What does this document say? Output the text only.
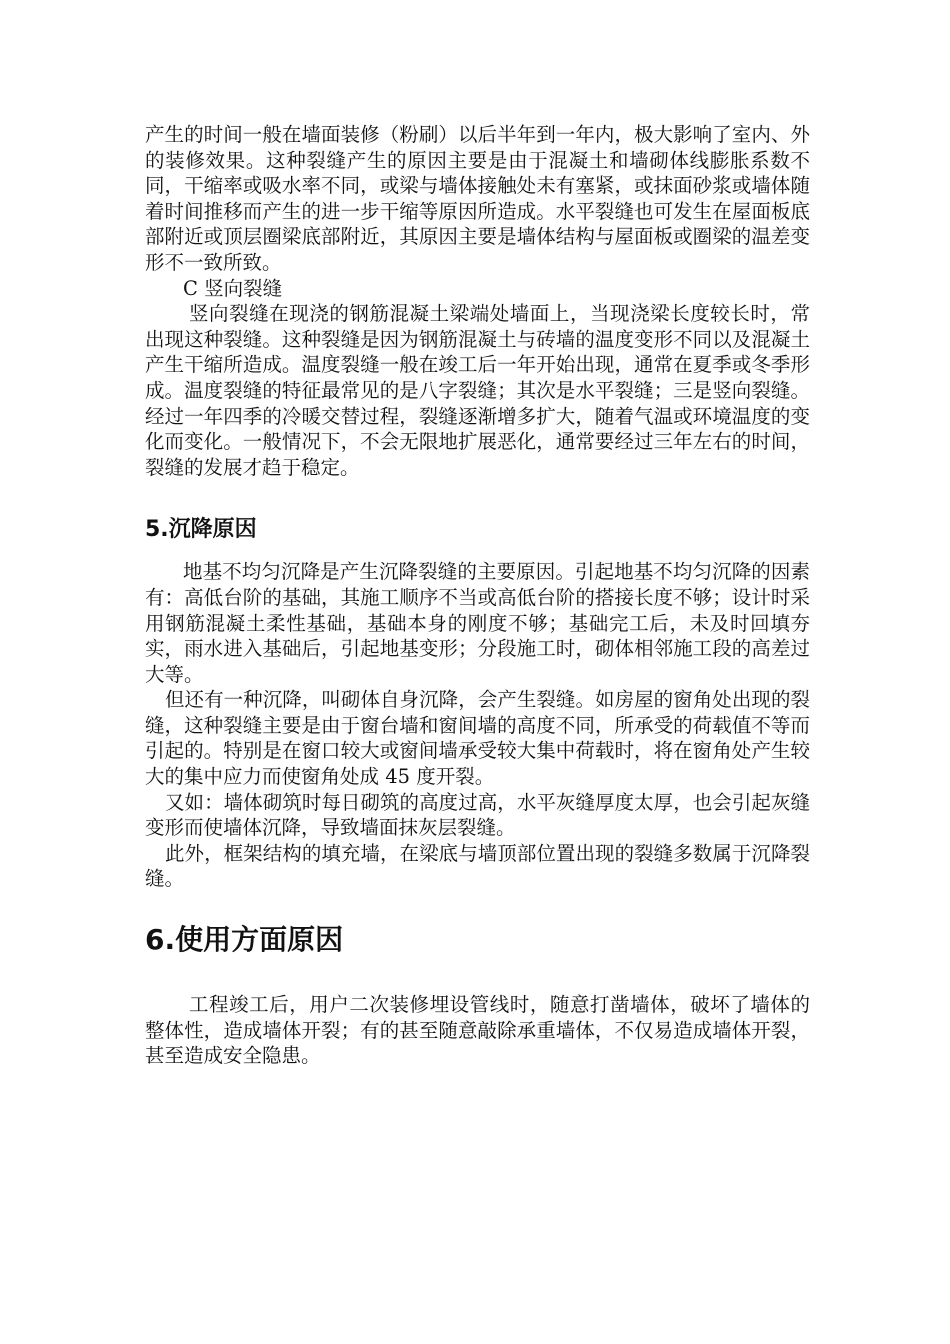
产生的时间一般在墙面装修（粉刷）以后半年到一年内，极大影响了室内、外的装修效果。这种裂缝产生的原因主要是由于混凝土和墙砌体线膨胀系数不同，干缩率或吸水率不同，或梁与墙体接触处未有塞紧，或抹面砂浆或墙体随着时间推移而产生的进一步干缩等原因所造成。水平裂缝也可发生在屋面板底部附近或顶层圈梁底部附近，其原因主要是墙体结构与屋面板或圈梁的温差变形不一致所致。

C 竖向裂缝

竖向裂缝在现浇的钢筋混凝土梁端处墙面上，当现浇梁长度较长时，常出现这种裂缝。这种裂缝是因为钢筋混凝土与砖墙的温度变形不同以及混凝土产生干缩所造成。温度裂缝一般在竣工后一年开始出现，通常在夏季或冬季形成。温度裂缝的特征最常见的是八字裂缝；其次是水平裂缝；三是竖向裂缝。经过一年四季的冷暖交替过程，裂缝逐渐增多扩大，随着气温或环境温度的变化而变化。一般情况下，不会无限地扩展恶化，通常要经过三年左右的时间，裂缝的发展才趋于稳定。

5.沉降原因

地基不均匀沉降是产生沉降裂缝的主要原因。引起地基不均匀沉降的因素有：高低台阶的基础，其施工顺序不当或高低台阶的搭接长度不够；设计时采用钢筋混凝土柔性基础，基础本身的刚度不够；基础完工后，未及时回填夯实，雨水进入基础后，引起地基变形；分段施工时，砌体相邻施工段的高差过大等。

但还有一种沉降，叫砌体自身沉降，会产生裂缝。如房屋的窗角处出现的裂缝，这种裂缝主要是由于窗台墙和窗间墙的高度不同，所承受的荷载值不等而引起的。特别是在窗口较大或窗间墙承受较大集中荷载时，将在窗角处产生较大的集中应力而使窗角处成 45 度开裂。

又如：墙体砌筑时每日砌筑的高度过高，水平灰缝厚度太厚，也会引起灰缝变形而使墙体沉降，导致墙面抹灰层裂缝。

此外，框架结构的填充墙，在梁底与墙顶部位置出现的裂缝多数属于沉降裂缝。

6.使用方面原因

工程竣工后，用户二次装修埋设管线时，随意打凿墙体，破坏了墙体的整体性，造成墙体开裂；有的甚至随意敲除承重墙体，不仅易造成墙体开裂，甚至造成安全隐患。
